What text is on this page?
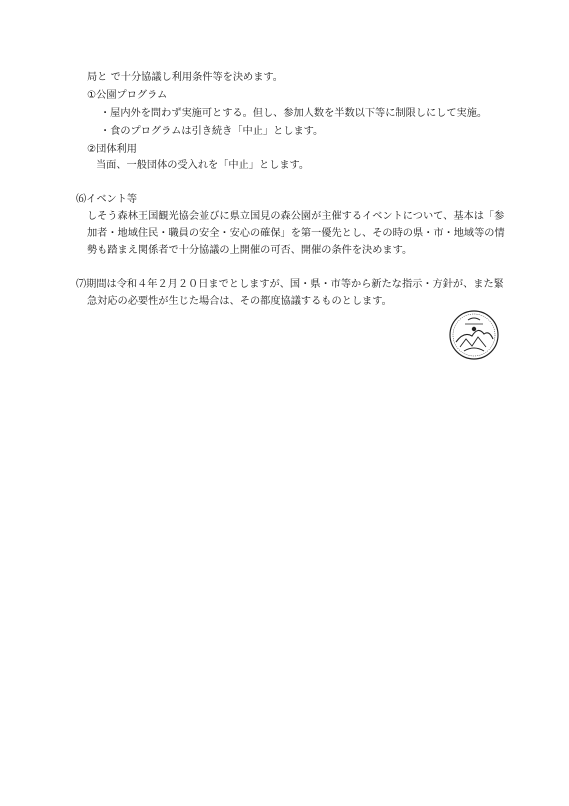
局と で十分協議し利用条件等を決めます。
①公園プログラム
・屋内外を問わず実施可とする。但し、参加人数を半数以下等に制限しにして実施。
・食のプログラムは引き続き「中止」とします。
②団体利用
当面、一般団体の受入れを「中止」とします。
⑹イベント等
しそう森林王国観光協会並びに県立国見の森公園が主催するイベントについて、基本は「参
加者・地域住民・職員の安全・安心の確保」を第一優先とし、その時の県・市・地域等の情
勢も踏まえ関係者で十分協議の上開催の可否、開催の条件を決めます。
⑺期間は令和４年２月２０日までとしますが、国・県・市等から新たな指示・方針が、また緊
急対応の必要性が生じた場合は、その都度協議するものとします。
